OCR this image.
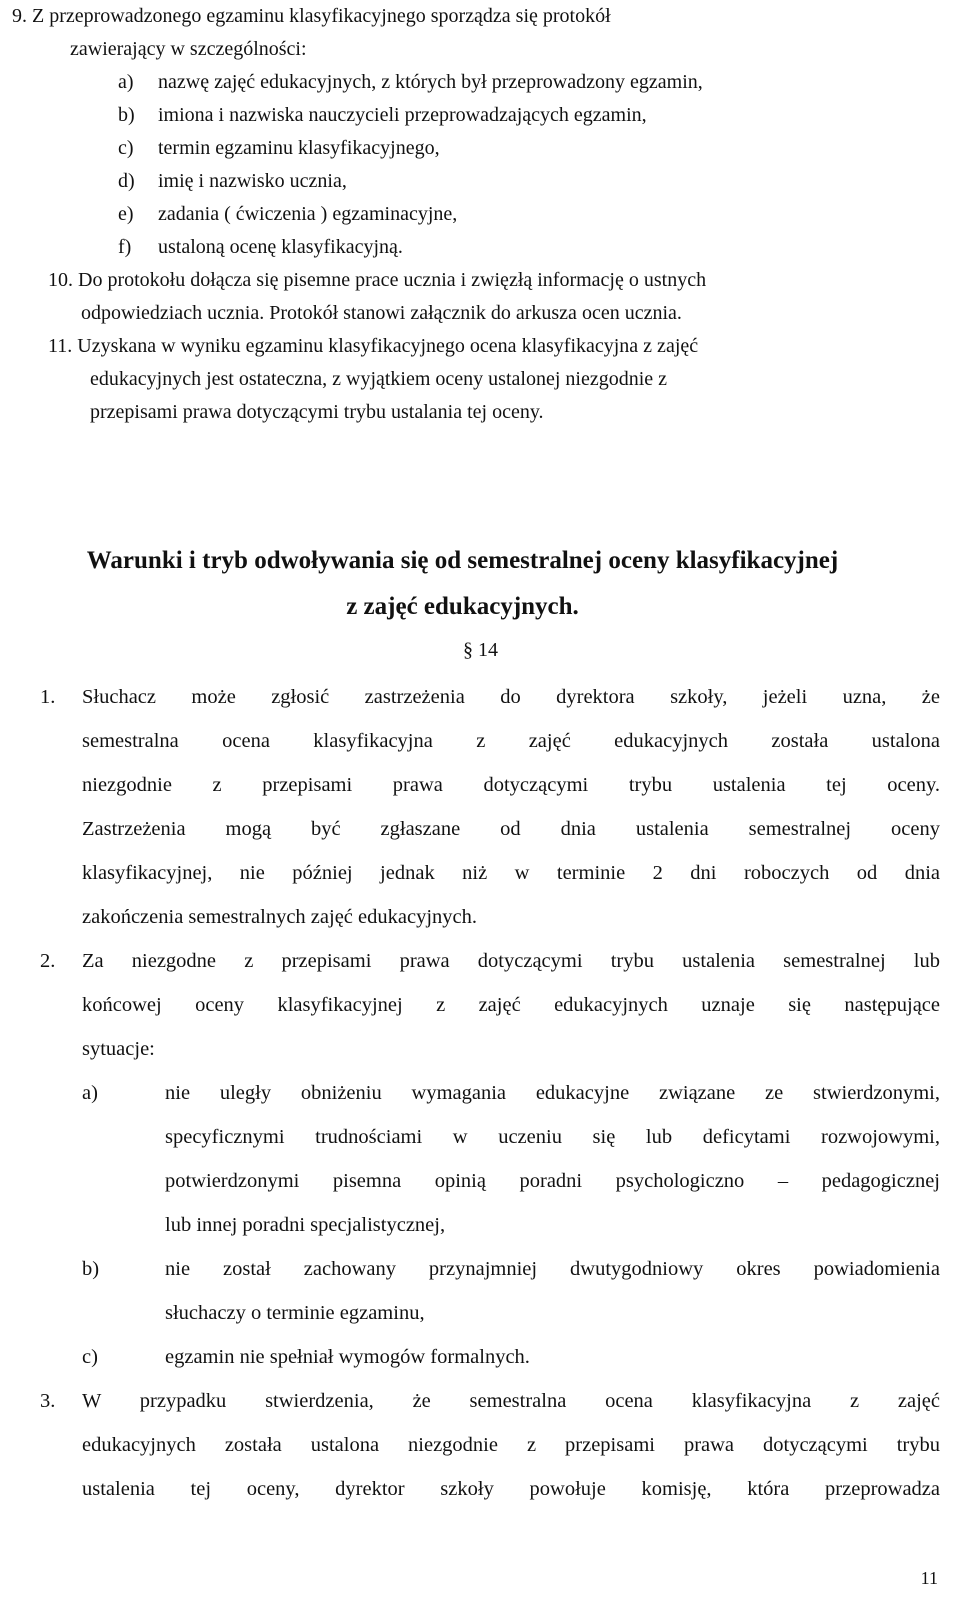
9. Z przeprowadzonego egzaminu klasyfikacyjnego sporządza się protokół
zawierający w szczególności:
a)	nazwę zajęć edukacyjnych, z których był przeprowadzony egzamin,
b)	imiona i nazwiska nauczycieli przeprowadzających egzamin,
c)	termin egzaminu klasyfikacyjnego,
d)	imię i nazwisko ucznia,
e)	zadania ( ćwiczenia ) egzaminacyjne,
f)	ustaloną ocenę klasyfikacyjną.
10. Do protokołu dołącza się pisemne prace ucznia i zwięzłą informację o ustnych
odpowiedziach ucznia. Protokół stanowi załącznik do arkusza ocen ucznia.
11. Uzyskana w wyniku egzaminu klasyfikacyjnego ocena klasyfikacyjna z zajęć
edukacyjnych jest ostateczna, z wyjątkiem oceny ustalonej niezgodnie z
przepisami prawa dotyczącymi trybu ustalania tej oceny.
Warunki i tryb odwoływania się od semestralnej oceny klasyfikacyjnej
z zajęć edukacyjnych.
§ 14
1.	Słuchacz może zgłosić zastrzeżenia do dyrektora szkoły, jeżeli uzna, że
semestralna ocena klasyfikacyjna z zajęć edukacyjnych została ustalona
niezgodnie z przepisami prawa dotyczącymi trybu ustalenia tej oceny.
Zastrzeżenia mogą być zgłaszane od dnia ustalenia semestralnej oceny
klasyfikacyjnej, nie później jednak niż w terminie 2 dni roboczych od dnia
zakończenia semestralnych zajęć edukacyjnych.
2.	Za niezgodne z przepisami prawa dotyczącymi trybu ustalenia semestralnej lub
końcowej oceny klasyfikacyjnej z zajęć edukacyjnych uznaje się następujące
sytuacje:
a)	nie uległy obniżeniu wymagania edukacyjne związane ze stwierdzonymi,
specyficznymi trudnościami w uczeniu się lub deficytami rozwojowymi,
potwierdzonymi pisemna opinią poradni psychologiczno – pedagogicznej
lub innej poradni specjalistycznej,
b)	nie został zachowany przynajmniej dwutygodniowy okres powiadomienia
słuchaczy o terminie egzaminu,
c)	egzamin nie spełniał wymogów formalnych.
3.	W przypadku stwierdzenia, że semestralna ocena klasyfikacyjna z zajęć
edukacyjnych została ustalona niezgodnie z przepisami prawa dotyczącymi trybu
ustalenia tej oceny, dyrektor szkoły powołuje komisję, która przeprowadza
11
